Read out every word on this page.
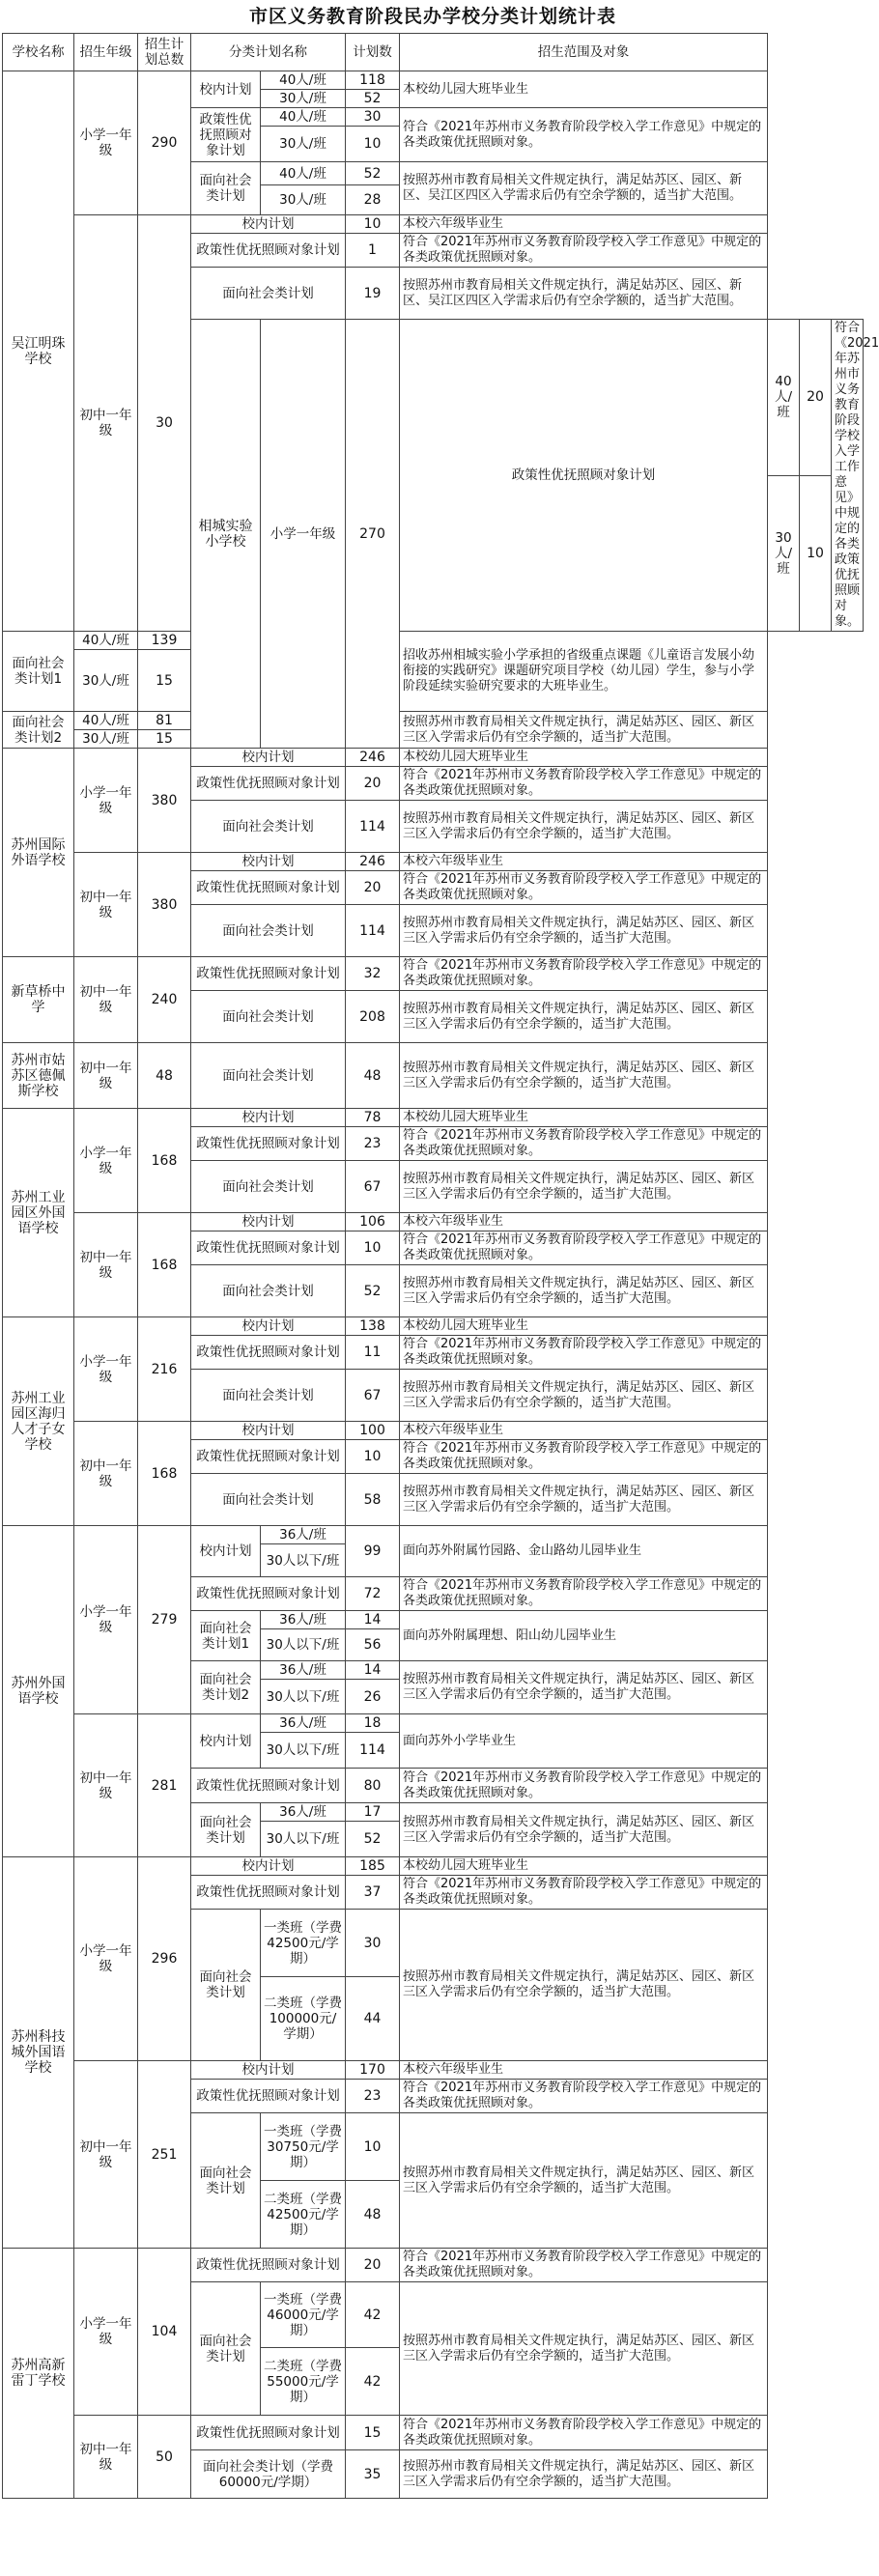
市区义务教育阶段民办学校分类计划统计表
学校名称	招生年级	招生计划总数	分类计划名称		计划数	招生范围及对象			
吴江明珠学校	小学一年级	290	校内计划	40人/班	118	本校幼儿园大班毕业生			
				30人/班	52				
			政策性优抚照顾对象计划	40人/班	30	符合《2021年苏州市义务教育阶段学校入学工作意见》中规定的各类政策优抚照顾对象。			
				30人/班	10				
			面向社会类计划	40人/班	52	按照苏州市教育局相关文件规定执行，满足姑苏区、园区、新区、吴江区四区入学需求后仍有空余学额的，适当扩大范围。			
				30人/班	28				
	初中一年级	30	校内计划		10	本校六年级毕业生			
			政策性优抚照顾对象计划		1	符合《2021年苏州市义务教育阶段学校入学工作意见》中规定的各类政策优抚照顾对象。			
			面向社会类计划		19	按照苏州市教育局相关文件规定执行，满足姑苏区、园区、新区、吴江区四区入学需求后仍有空余学额的，适当扩大范围。			
			相城实验小学校	小学一年级	270	政策性优抚照顾对象计划	40人/班	20	符合《2021年苏州市义务教育阶段学校入学工作意见》中规定的各类政策优抚照顾对象。
							30人/班	10	
面向社会类计划1	40人/班	139				招收苏州相城实验小学承担的省级重点课题《儿童语言发展小幼衔接的实践研究》课题研究项目学校（幼儿园）学生，参与小学阶段延续实验研究要求的大班毕业生。			
	30人/班	15							
面向社会类计划2	40人/班	81				按照苏州市教育局相关文件规定执行，满足姑苏区、园区、新区三区入学需求后仍有空余学额的，适当扩大范围。			
	30人/班	15							
苏州国际外语学校	小学一年级	380	校内计划		246	本校幼儿园大班毕业生			
			政策性优抚照顾对象计划		20	符合《2021年苏州市义务教育阶段学校入学工作意见》中规定的各类政策优抚照顾对象。			
			面向社会类计划		114	按照苏州市教育局相关文件规定执行，满足姑苏区、园区、新区三区入学需求后仍有空余学额的，适当扩大范围。			
	初中一年级	380	校内计划		246	本校六年级毕业生			
			政策性优抚照顾对象计划		20	符合《2021年苏州市义务教育阶段学校入学工作意见》中规定的各类政策优抚照顾对象。			
			面向社会类计划		114	按照苏州市教育局相关文件规定执行，满足姑苏区、园区、新区三区入学需求后仍有空余学额的，适当扩大范围。			
新草桥中学	初中一年级	240	政策性优抚照顾对象计划		32	符合《2021年苏州市义务教育阶段学校入学工作意见》中规定的各类政策优抚照顾对象。			
			面向社会类计划		208	按照苏州市教育局相关文件规定执行，满足姑苏区、园区、新区三区入学需求后仍有空余学额的，适当扩大范围。			
苏州市姑苏区德佩斯学校	初中一年级	48	面向社会类计划		48	按照苏州市教育局相关文件规定执行，满足姑苏区、园区、新区三区入学需求后仍有空余学额的，适当扩大范围。			
苏州工业园区外国语学校	小学一年级	168	校内计划		78	本校幼儿园大班毕业生			
			政策性优抚照顾对象计划		23	符合《2021年苏州市义务教育阶段学校入学工作意见》中规定的各类政策优抚照顾对象。			
			面向社会类计划		67	按照苏州市教育局相关文件规定执行，满足姑苏区、园区、新区三区入学需求后仍有空余学额的，适当扩大范围。			
	初中一年级	168	校内计划		106	本校六年级毕业生			
			政策性优抚照顾对象计划		10	符合《2021年苏州市义务教育阶段学校入学工作意见》中规定的各类政策优抚照顾对象。			
			面向社会类计划		52	按照苏州市教育局相关文件规定执行，满足姑苏区、园区、新区三区入学需求后仍有空余学额的，适当扩大范围。			
苏州工业园区海归人才子女学校	小学一年级	216	校内计划		138	本校幼儿园大班毕业生			
			政策性优抚照顾对象计划		11	符合《2021年苏州市义务教育阶段学校入学工作意见》中规定的各类政策优抚照顾对象。			
			面向社会类计划		67	按照苏州市教育局相关文件规定执行，满足姑苏区、园区、新区三区入学需求后仍有空余学额的，适当扩大范围。			
	初中一年级	168	校内计划		100	本校六年级毕业生			
			政策性优抚照顾对象计划		10	符合《2021年苏州市义务教育阶段学校入学工作意见》中规定的各类政策优抚照顾对象。			
			面向社会类计划		58	按照苏州市教育局相关文件规定执行，满足姑苏区、园区、新区三区入学需求后仍有空余学额的，适当扩大范围。			
苏州外国语学校	小学一年级	279	校内计划	36人/班	99	面向苏外附属竹园路、金山路幼儿园毕业生			
				30人以下/班					
			政策性优抚照顾对象计划		72	符合《2021年苏州市义务教育阶段学校入学工作意见》中规定的各类政策优抚照顾对象。			
			面向社会类计划1	36人/班	14	面向苏外附属理想、阳山幼儿园毕业生			
				30人以下/班	56				
			面向社会类计划2	36人/班	14	按照苏州市教育局相关文件规定执行，满足姑苏区、园区、新区三区入学需求后仍有空余学额的，适当扩大范围。			
				30人以下/班	26				
	初中一年级	281	校内计划	36人/班	18	面向苏外小学毕业生			
				30人以下/班	114				
			政策性优抚照顾对象计划		80	符合《2021年苏州市义务教育阶段学校入学工作意见》中规定的各类政策优抚照顾对象。			
			面向社会类计划	36人/班	17	按照苏州市教育局相关文件规定执行，满足姑苏区、园区、新区三区入学需求后仍有空余学额的，适当扩大范围。			
				30人以下/班	52				
苏州科技城外国语学校	小学一年级	296	校内计划		185	本校幼儿园大班毕业生			
			政策性优抚照顾对象计划		37	符合《2021年苏州市义务教育阶段学校入学工作意见》中规定的各类政策优抚照顾对象。			
			面向社会类计划	一类班（学费42500元/学期）	30	按照苏州市教育局相关文件规定执行，满足姑苏区、园区、新区三区入学需求后仍有空余学额的，适当扩大范围。			
				二类班（学费100000元/学期）	44				
	初中一年级	251	校内计划		170	本校六年级毕业生			
			政策性优抚照顾对象计划		23	符合《2021年苏州市义务教育阶段学校入学工作意见》中规定的各类政策优抚照顾对象。			
			面向社会类计划	一类班（学费30750元/学期）	10	按照苏州市教育局相关文件规定执行，满足姑苏区、园区、新区三区入学需求后仍有空余学额的，适当扩大范围。			
				二类班（学费42500元/学期）	48				
苏州高新雷丁学校	小学一年级	104	政策性优抚照顾对象计划		20	符合《2021年苏州市义务教育阶段学校入学工作意见》中规定的各类政策优抚照顾对象。			
			面向社会类计划	一类班（学费46000元/学期）	42	按照苏州市教育局相关文件规定执行，满足姑苏区、园区、新区三区入学需求后仍有空余学额的，适当扩大范围。			
				二类班（学费55000元/学期）	42				
	初中一年级	50	政策性优抚照顾对象计划		15	符合《2021年苏州市义务教育阶段学校入学工作意见》中规定的各类政策优抚照顾对象。			
			面向社会类计划（学费60000元/学期）		35	按照苏州市教育局相关文件规定执行，满足姑苏区、园区、新区三区入学需求后仍有空余学额的，适当扩大范围。			
